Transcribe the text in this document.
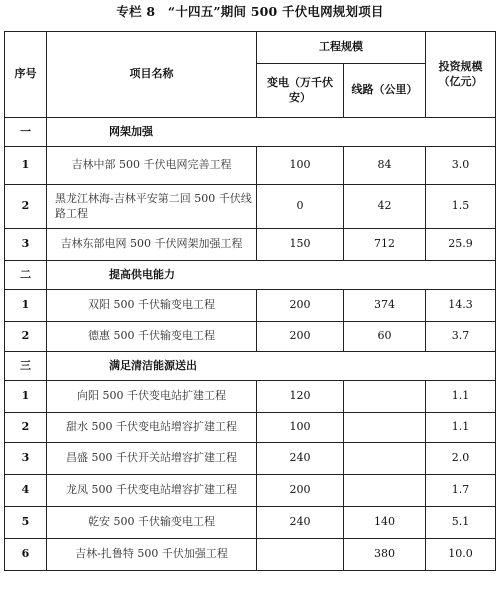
专栏 8　“十四五”期间 500 千伏电网规划项目
序号	项目名称	工程规模		投资规模（亿元）
		变电（万千伏安）	线路（公里）	
一	网架加强			
1	吉林中部 500 千伏电网完善工程	100	84	3.0
2	黑龙江林海-吉林平安第二回 500 千伏线路工程	0	42	1.5
3	吉林东部电网 500 千伏网架加强工程	150	712	25.9
二	提高供电能力			
1	双阳 500 千伏输变电工程	200	374	14.3
2	德惠 500 千伏输变电工程	200	60	3.7
三	满足清洁能源送出			
1	向阳 500 千伏变电站扩建工程	120		1.1
2	甜水 500 千伏变电站增容扩建工程	100		1.1
3	昌盛 500 千伏开关站增容扩建工程	240		2.0
4	龙凤 500 千伏变电站增容扩建工程	200		1.7
5	乾安 500 千伏输变电工程	240	140	5.1
6	吉林-扎鲁特 500 千伏加强工程		380	10.0
